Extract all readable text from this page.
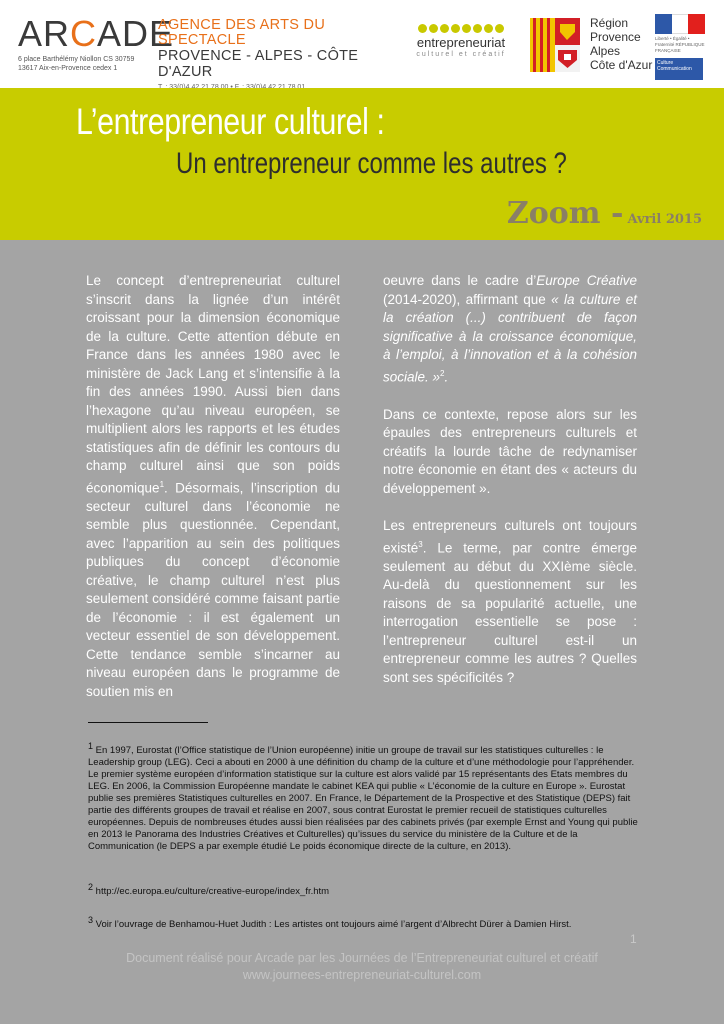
ARCADE
6 place Barthélémy Niollon CS 30759
13617 Aix-en-Provence cedex 1
AGENCE DES ARTS DU SPECTACLE
PROVENCE - ALPES - CÔTE D'AZUR
entrepreneuriat
culturel et créatif
Région
Provence
Alpes
Côte d'Azur
Liberté • Égalité • Fraternité RÉPUBLIQUE FRANÇAISE
Culture Communication
L’entrepreneur culturel :
Un entrepreneur comme les autres ?
Zoom - Avril 2015

Le concept d’entrepreneuriat culturel s’inscrit dans la lignée d’un intérêt croissant pour la dimension économique de la culture. Cette attention débute en France dans les années 1980 avec le ministère de Jack Lang et s’intensifie à la fin des années 1990. Aussi bien dans l’hexagone qu’au niveau européen, se multiplient alors les rapports et les études statistiques afin de définir les contours du champ culturel ainsi que son poids économique$^1$. Désormais, l’inscription du secteur culturel dans l’économie ne semble plus questionnée. Cependant, avec l’apparition au sein des politiques publiques du concept d’économie créative, le champ culturel n’est plus seulement considéré comme faisant partie de l’économie : il est également un vecteur essentiel de son développement. Cette tendance semble s’incarner au niveau européen dans le programme de soutien mis en

oeuvre dans le cadre d’Europe Créative (2014-2020), affirmant que « la culture et la création (...) contribuent de façon significative à la croissance économique, à l’emploi, à l’innovation et à la cohésion sociale. »$^2$.

Dans ce contexte, repose alors sur les épaules des entrepreneurs culturels et créatifs la lourde tâche de redynamiser notre économie en étant des « acteurs du développement ».

Les entrepreneurs culturels ont toujours existé$^3$. Le terme, par contre émerge seulement au début du XXIème siècle. Au-delà du questionnement sur les raisons de sa popularité actuelle, une interrogation essentielle se pose : l’entrepreneur culturel est-il un entrepreneur comme les autres ? Quelles sont ses spécificités ?

$^1$ En 1997, Eurostat (l’Office statistique de l’Union européenne) initie un groupe de travail sur les statistiques culturelles : le Leadership group (LEG). Ceci a abouti en 2000 à une définition du champ de la culture et d’une méthodologie pour l’appréhender. Le premier système européen d’information statistique sur la culture est alors validé par 15 représentants des Etats membres du LEG. En 2006, la Commission Européenne mandate le cabinet KEA qui publie « L’économie de la culture en Europe ». Eurostat publie ses premières Statistiques culturelles en 2007. En France, le Département de la Prospective et des Statistique (DEPS) fait partie des différents groupes de travail et réalise en 2007, sous contrat Eurostat le premier recueil de statistiques culturelles européennes. Depuis de nombreuses études aussi bien réalisées par des cabinets privés (par exemple Ernst and Young qui publie en 2013 le Panorama des Industries Créatives et Culturelles) qu’issues du service du ministère de la Culture et de la Communication (le DEPS a par exemple étudié Le poids économique directe de la culture, en 2013).
$^2$ http://ec.europa.eu/culture/creative-europe/index_fr.htm
$^3$ Voir l’ouvrage de Benhamou-Huet Judith : Les artistes ont toujours aimé l’argent d’Albrecht Dürer à Damien Hirst.
1
Document réalisé pour Arcade par les Journées de l’Entrepreneuriat culturel et créatif
www.journees-entrepreneuriat-culturel.com
